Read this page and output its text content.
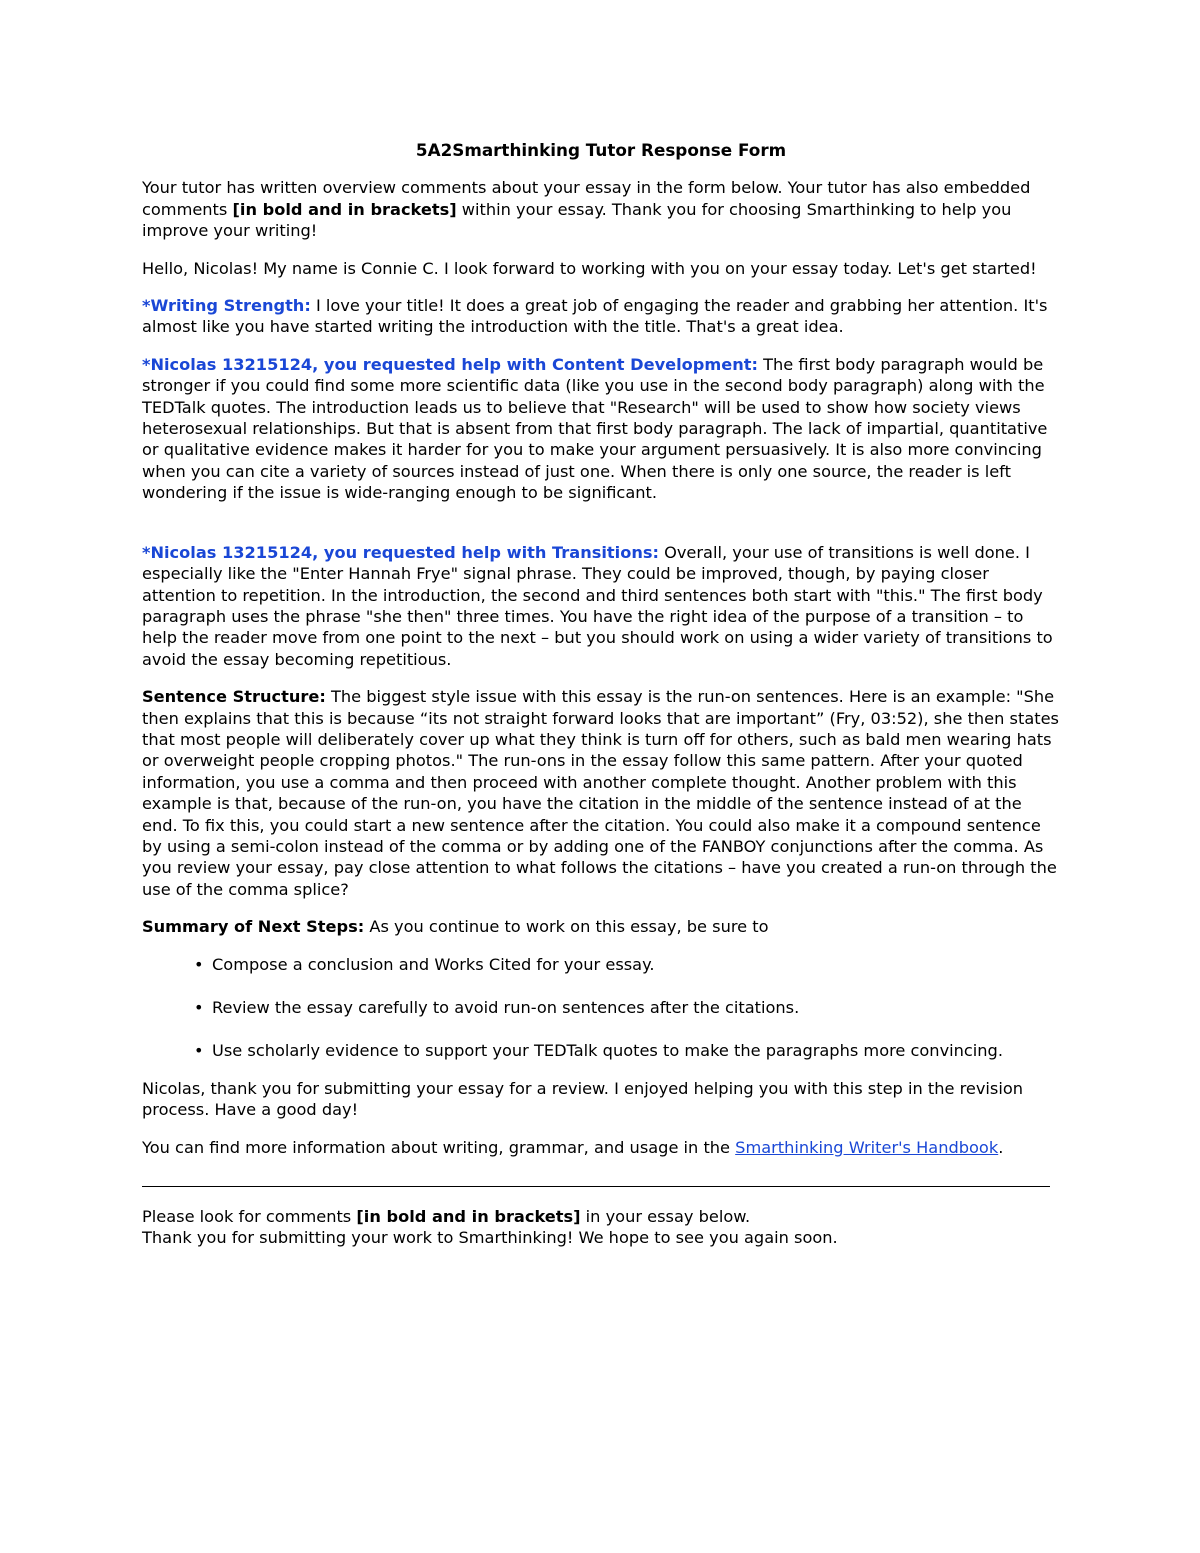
5A2Smarthinking Tutor Response Form

Your tutor has written overview comments about your essay in the form below. Your tutor has also embedded comments [in bold and in brackets] within your essay. Thank you for choosing Smarthinking to help you improve your writing!

Hello, Nicolas! My name is Connie C. I look forward to working with you on your essay today. Let's get started!

*Writing Strength: I love your title! It does a great job of engaging the reader and grabbing her attention. It's almost like you have started writing the introduction with the title. That's a great idea.

*Nicolas 13215124, you requested help with Content Development: The first body paragraph would be stronger if you could find some more scientific data (like you use in the second body paragraph) along with the TEDTalk quotes. The introduction leads us to believe that "Research" will be used to show how society views heterosexual relationships. But that is absent from that first body paragraph. The lack of impartial, quantitative or qualitative evidence makes it harder for you to make your argument persuasively. It is also more convincing when you can cite a variety of sources instead of just one. When there is only one source, the reader is left wondering if the issue is wide-ranging enough to be significant.

*Nicolas 13215124, you requested help with Transitions: Overall, your use of transitions is well done. I especially like the "Enter Hannah Frye" signal phrase. They could be improved, though, by paying closer attention to repetition. In the introduction, the second and third sentences both start with "this." The first body paragraph uses the phrase "she then" three times. You have the right idea of the purpose of a transition – to help the reader move from one point to the next – but you should work on using a wider variety of transitions to avoid the essay becoming repetitious.

Sentence Structure: The biggest style issue with this essay is the run-on sentences. Here is an example: "She then explains that this is because “its not straight forward looks that are important” (Fry, 03:52), she then states that most people will deliberately cover up what they think is turn off for others, such as bald men wearing hats or overweight people cropping photos." The run-ons in the essay follow this same pattern. After your quoted information, you use a comma and then proceed with another complete thought. Another problem with this example is that, because of the run-on, you have the citation in the middle of the sentence instead of at the end. To fix this, you could start a new sentence after the citation. You could also make it a compound sentence by using a semi-colon instead of the comma or by adding one of the FANBOY conjunctions after the comma. As you review your essay, pay close attention to what follows the citations – have you created a run-on through the use of the comma splice?

Summary of Next Steps: As you continue to work on this essay, be sure to

• Compose a conclusion and Works Cited for your essay.
• Review the essay carefully to avoid run-on sentences after the citations.
• Use scholarly evidence to support your TEDTalk quotes to make the paragraphs more convincing.

Nicolas, thank you for submitting your essay for a review. I enjoyed helping you with this step in the revision process. Have a good day!

You can find more information about writing, grammar, and usage in the Smarthinking Writer's Handbook.

Please look for comments [in bold and in brackets] in your essay below.

Thank you for submitting your work to Smarthinking! We hope to see you again soon.
